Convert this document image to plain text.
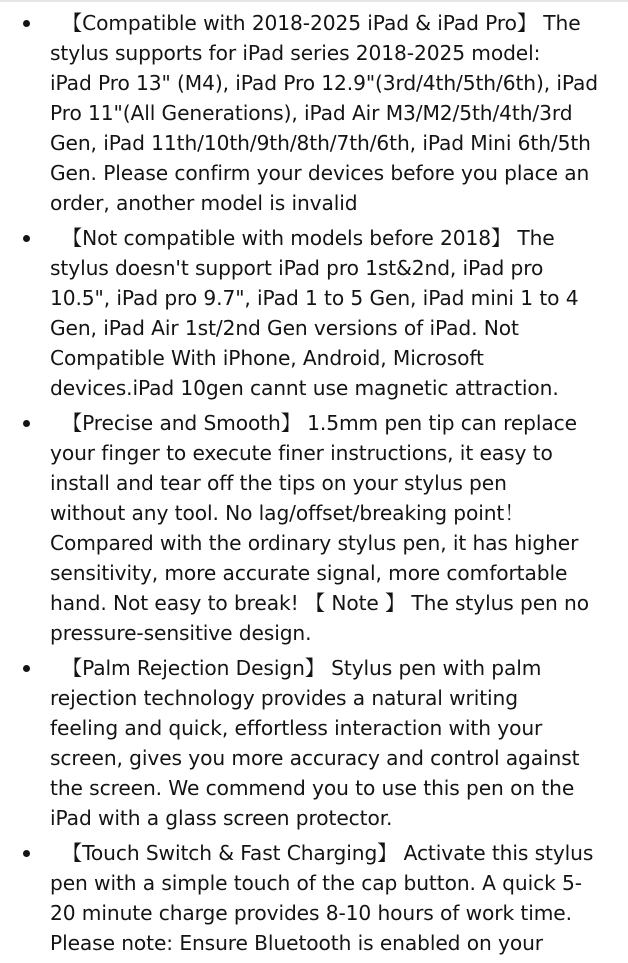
【Compatible with 2018-2025 iPad & iPad Pro】 The
stylus supports for iPad series 2018-2025 model:
iPad Pro 13" (M4), iPad Pro 12.9"(3rd/4th/5th/6th), iPad
Pro 11"(All Generations), iPad Air M3/M2/5th/4th/3rd
Gen, iPad 11th/10th/9th/8th/7th/6th, iPad Mini 6th/5th
Gen. Please confirm your devices before you place an
order, another model is invalid
【Not compatible with models before 2018】 The
stylus doesn't support iPad pro 1st&2nd, iPad pro
10.5", iPad pro 9.7", iPad 1 to 5 Gen, iPad mini 1 to 4
Gen, iPad Air 1st/2nd Gen versions of iPad. Not
Compatible With iPhone, Android, Microsoft
devices.iPad 10gen cannt use magnetic attraction.
【Precise and Smooth】 1.5mm pen tip can replace
your finger to execute finer instructions, it easy to
install and tear off the tips on your stylus pen
without any tool. No lag/offset/breaking point！
Compared with the ordinary stylus pen, it has higher
sensitivity, more accurate signal, more comfortable
hand. Not easy to break! 【 Note 】 The stylus pen no
pressure-sensitive design.
【Palm Rejection Design】 Stylus pen with palm
rejection technology provides a natural writing
feeling and quick, effortless interaction with your
screen, gives you more accuracy and control against
the screen. We commend you to use this pen on the
iPad with a glass screen protector.
【Touch Switch & Fast Charging】 Activate this stylus
pen with a simple touch of the cap button. A quick 5-
20 minute charge provides 8-10 hours of work time.
Please note: Ensure Bluetooth is enabled on your
